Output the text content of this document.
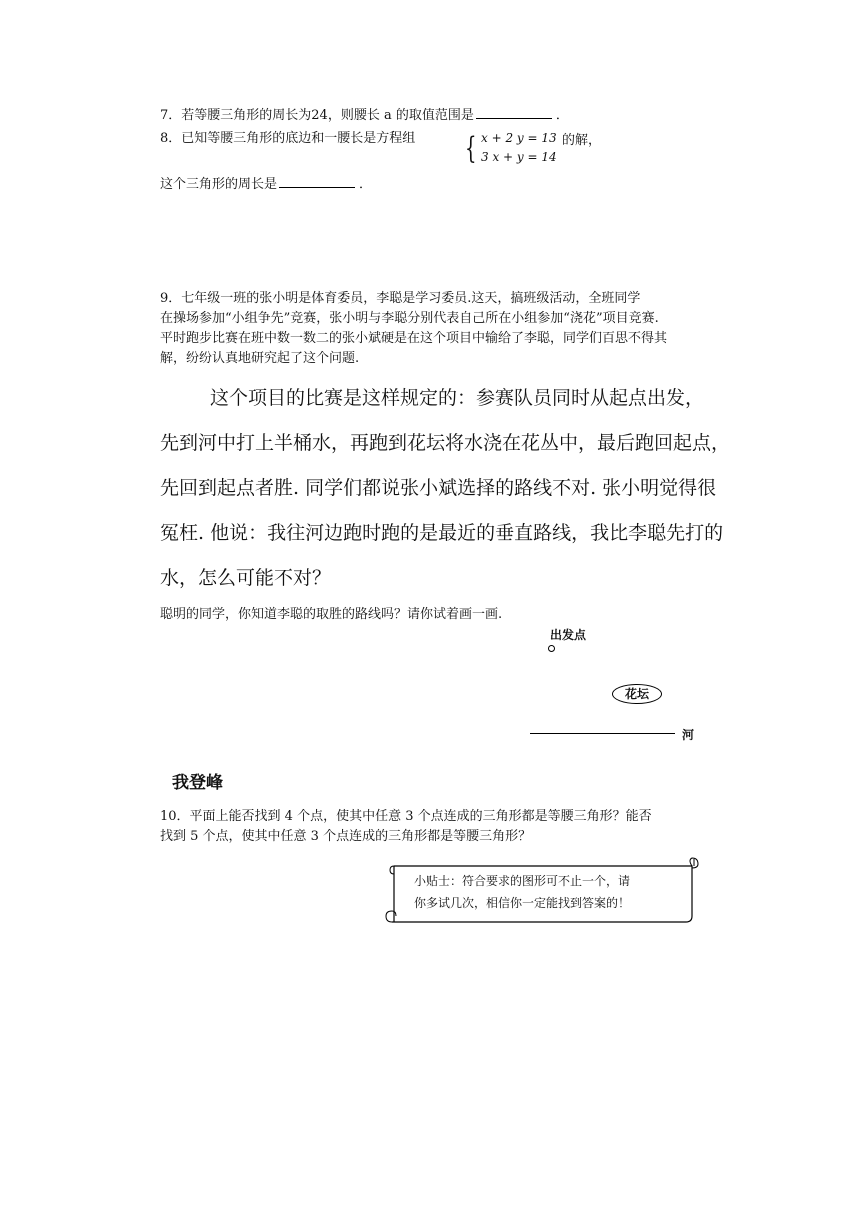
7．若等腰三角形的周长为24，则腰长 a 的取值范围是	．
8．已知等腰三角形的底边和一腰长是方程组 { x + 2 y = 13
3 x + y = 14
的解，
这个三角形的周长是	．
9．七年级一班的张小明是体育委员，李聪是学习委员.这天，搞班级活动，全班同学
在操场参加“小组争先”竞赛，张小明与李聪分别代表自己所在小组参加“浇花”项目竞赛.
平时跑步比赛在班中数一数二的张小斌硬是在这个项目中输给了李聪，同学们百思不得其
解，纷纷认真地研究起了这个问题.
这个项目的比赛是这样规定的：参赛队员同时从起点出发，
先到河中打上半桶水，再跑到花坛将水浇在花丛中，最后跑回起点，
先回到起点者胜. 同学们都说张小斌选择的路线不对. 张小明觉得很
冤枉. 他说：我往河边跑时跑的是最近的垂直路线，我比李聪先打的
水，怎么可能不对？
聪明的同学，你知道李聪的取胜的路线吗？请你试着画一画.
出发点
花坛
河
我登峰
10．平面上能否找到 4 个点，使其中任意 3 个点连成的三角形都是等腰三角形？能否
找到 5 个点，使其中任意 3 个点连成的三角形都是等腰三角形？
小贴士：符合要求的图形可不止一个，请
你多试几次，相信你一定能找到答案的！
